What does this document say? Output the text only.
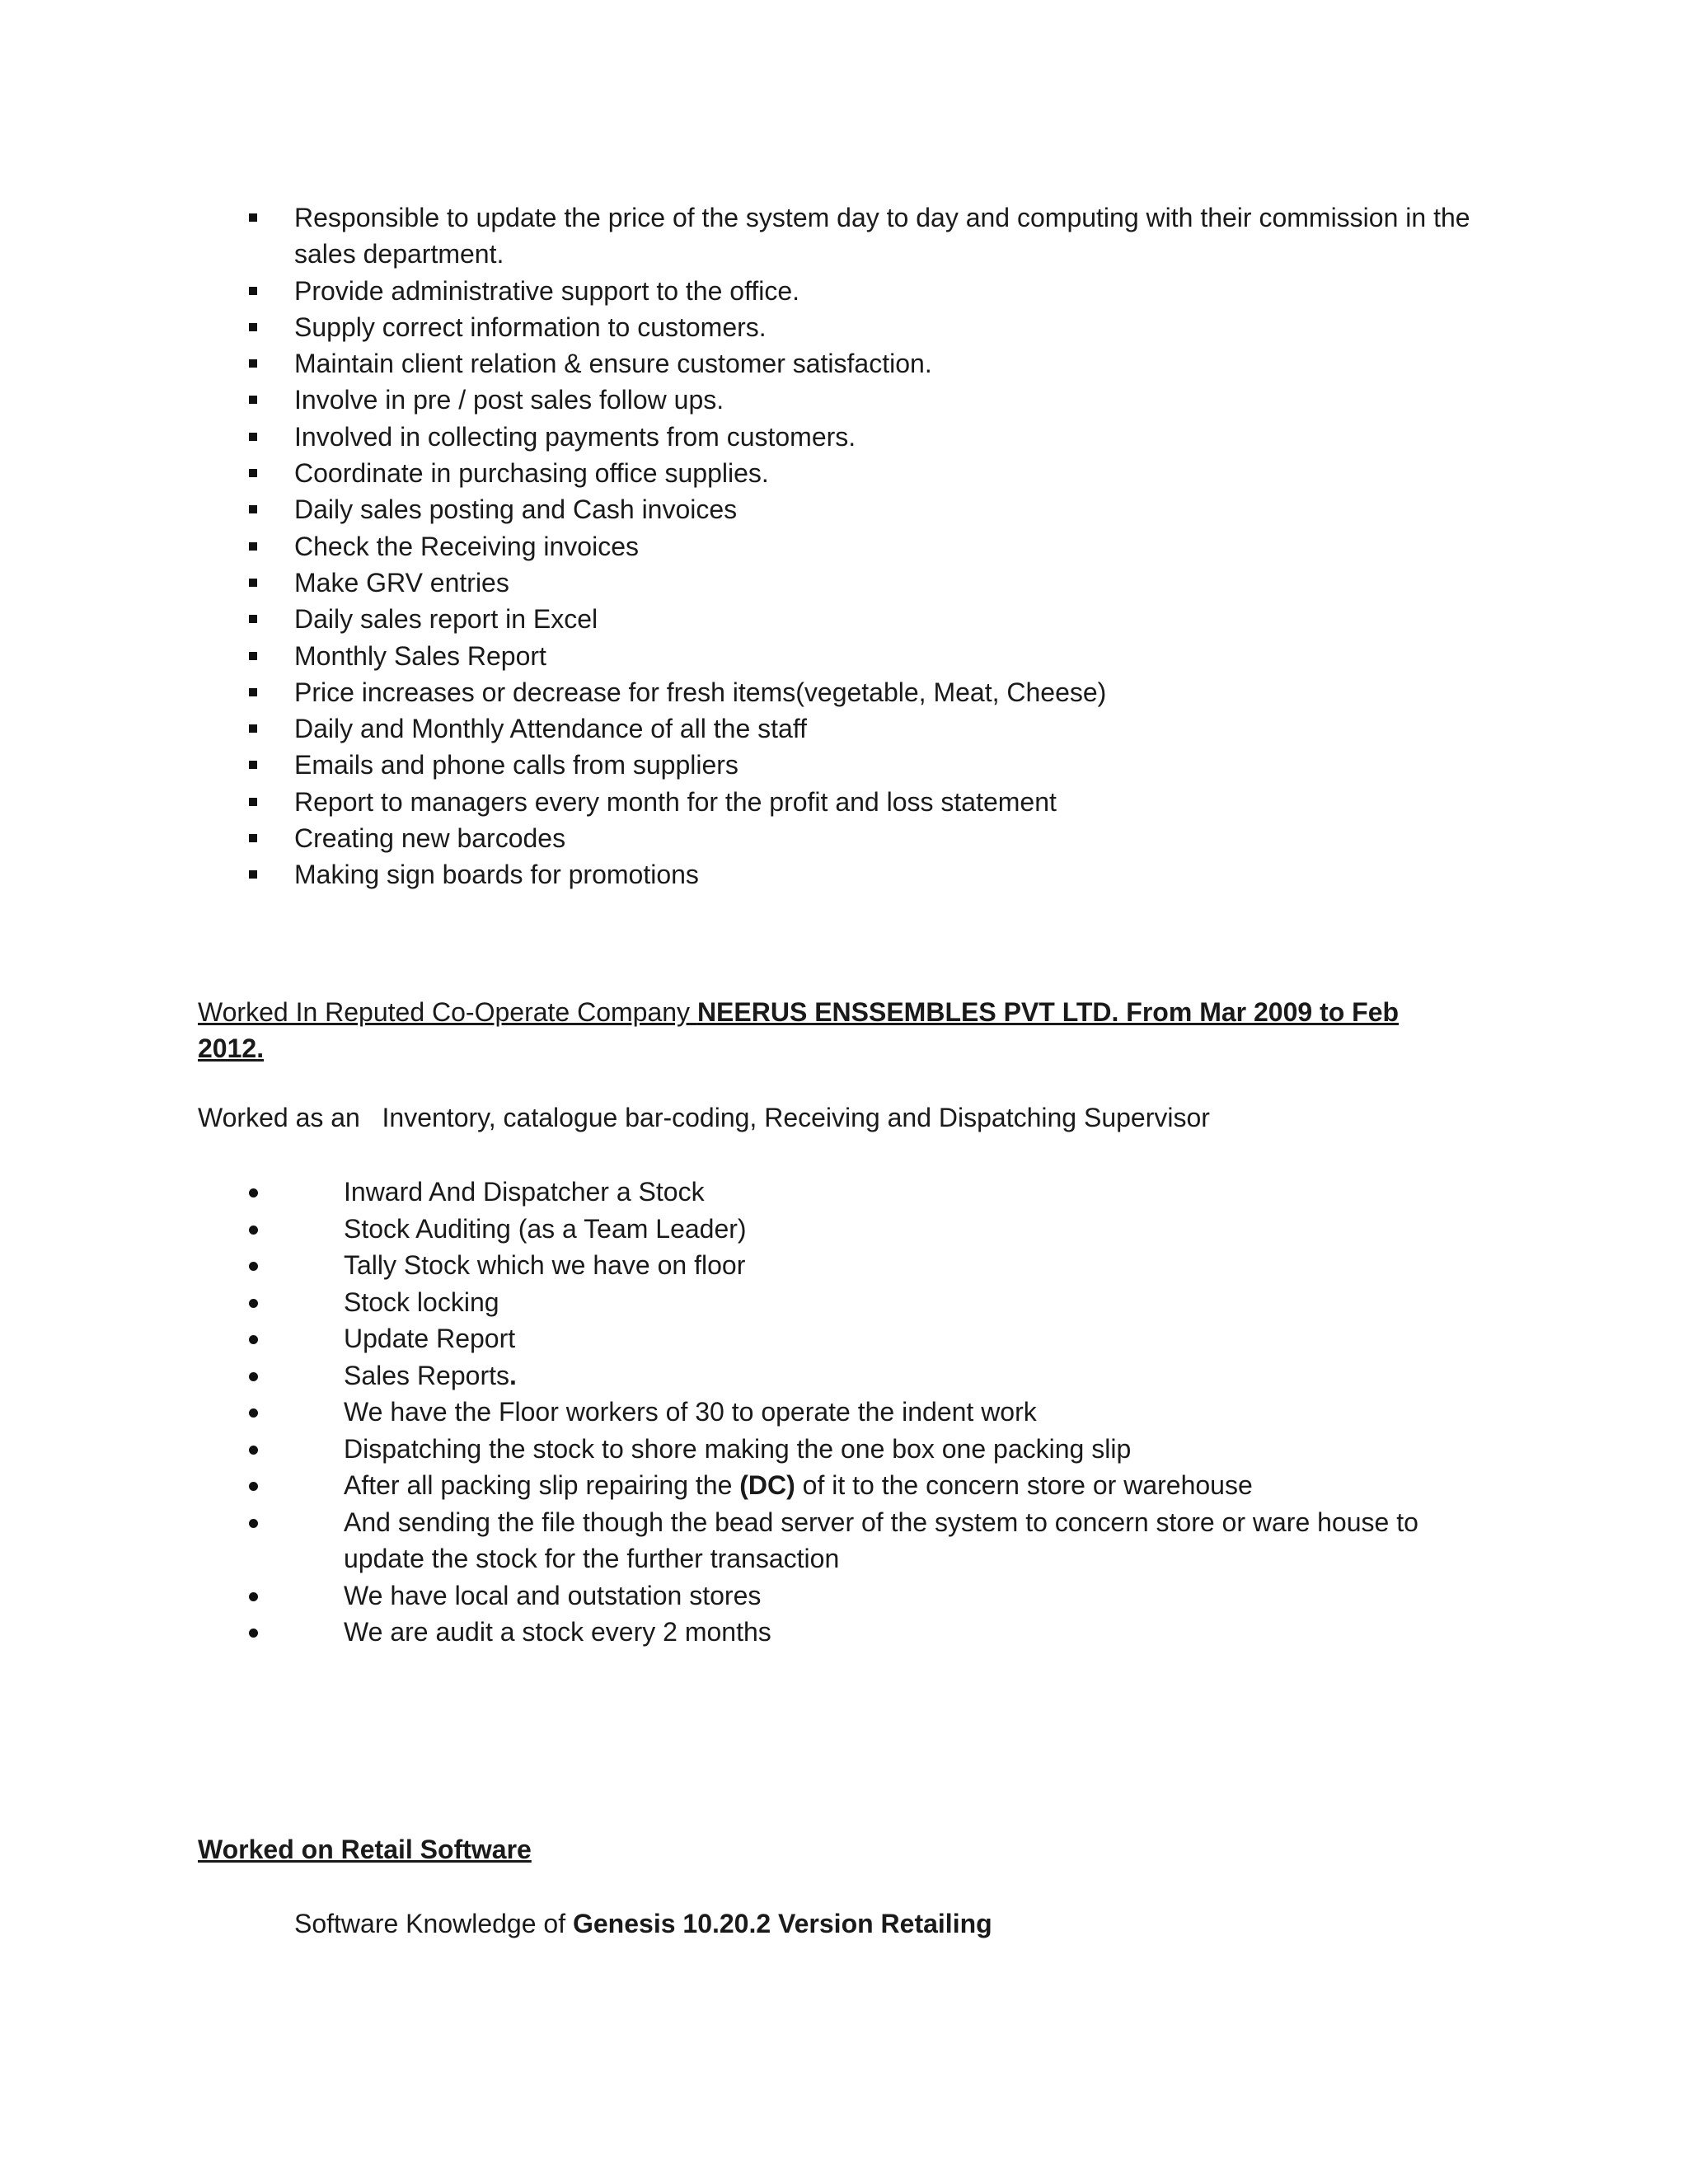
Responsible to update the price of the system day to day and computing with their commission in the sales department.
Provide administrative support to the office.
Supply correct information to customers.
Maintain client relation & ensure customer satisfaction.
Involve in pre / post sales follow ups.
Involved in collecting payments from customers.
Coordinate in purchasing office supplies.
Daily sales posting and Cash invoices
Check the Receiving invoices
Make GRV entries
Daily sales report in Excel
Monthly Sales Report
Price increases or decrease for fresh items(vegetable, Meat, Cheese)
Daily and Monthly Attendance of all the staff
Emails and phone calls from suppliers
Report to managers every month for the profit and loss statement
Creating new barcodes
Making sign boards for promotions

Worked In Reputed Co-Operate Company NEERUS ENSSEMBLES PVT LTD. From Mar 2009 to Feb 2012.

Worked as an   Inventory, catalogue bar-coding, Receiving and Dispatching Supervisor

Inward And Dispatcher a Stock
Stock Auditing (as a Team Leader)
Tally Stock which we have on floor
Stock locking
Update Report
Sales Reports.
We have the Floor workers of 30 to operate the indent work
Dispatching the stock to shore making the one box one packing slip
After all packing slip repairing the (DC) of it to the concern store or warehouse
And sending the file though the bead server of the system to concern store or ware house to update the stock for the further transaction
We have local and outstation stores
We are audit a stock every 2 months

Worked on Retail Software

Software Knowledge of Genesis 10.20.2 Version Retailing
